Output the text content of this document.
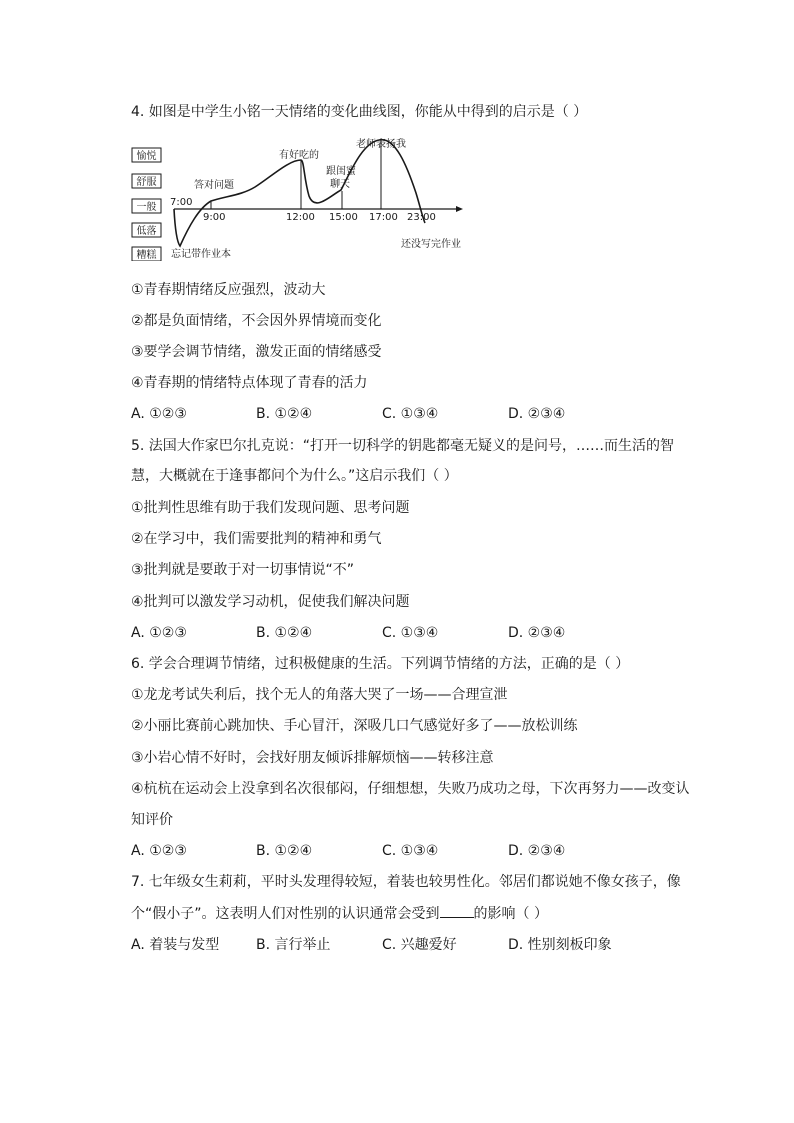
4. 如图是中学生小铭一天情绪的变化曲线图，你能从中得到的启示是（ ）
愉悦
舒服
一般
低落
糟糕
7:00
9:00	12:00 15:00 17:00 23:00
答对问题
有好吃的
跟闺蜜
聊天
老师表扬我
忘记带作业本
还没写完作业
①青春期情绪反应强烈，波动大
②都是负面情绪，不会因外界情境而变化
③要学会调节情绪，激发正面的情绪感受
④青春期的情绪特点体现了青春的活力
A. ①②③	B. ①②④	C. ①③④	D. ②③④
5. 法国大作家巴尔扎克说：“打开一切科学的钥匙都毫无疑义的是问号，……而生活的智
慧，大概就在于逢事都问个为什么。”这启示我们（ ）
①批判性思维有助于我们发现问题、思考问题
②在学习中，我们需要批判的精神和勇气
③批判就是要敢于对一切事情说“不”
④批判可以激发学习动机，促使我们解决问题
A. ①②③	B. ①②④	C. ①③④	D. ②③④
6. 学会合理调节情绪，过积极健康的生活。下列调节情绪的方法，正确的是（ ）
①龙龙考试失利后，找个无人的角落大哭了一场——合理宣泄
②小丽比赛前心跳加快、手心冒汗，深吸几口气感觉好多了——放松训练
③小岩心情不好时，会找好朋友倾诉排解烦恼——转移注意
④杭杭在运动会上没拿到名次很郁闷，仔细想想，失败乃成功之母，下次再努力——改变认
知评价
A. ①②③	B. ①②④	C. ①③④	D. ②③④
7. 七年级女生莉莉，平时头发理得较短，着装也较男性化。邻居们都说她不像女孩子，像
个“假小子”。这表明人们对性别的认识通常会受到 的影响（ ）
A. 着装与发型	B. 言行举止	C. 兴趣爱好	D. 性别刻板印象
